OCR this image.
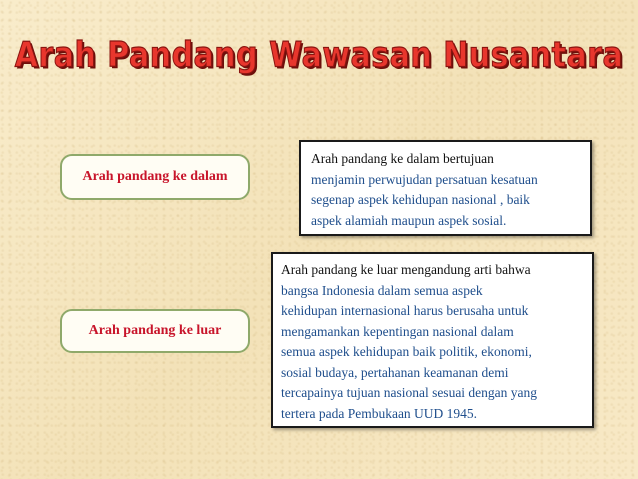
Arah Pandang Wawasan Nusantara
Arah pandang ke dalam
Arah pandang ke luar
Arah pandang ke dalam bertujuan
menjamin perwujudan persatuan kesatuan
segenap aspek kehidupan nasional , baik
aspek alamiah maupun aspek sosial.
Arah pandang ke luar mengandung arti bahwa
bangsa Indonesia dalam semua aspek
kehidupan internasional harus berusaha untuk
mengamankan kepentingan nasional dalam
semua aspek kehidupan baik politik, ekonomi,
sosial budaya, pertahanan keamanan demi
tercapainya tujuan nasional sesuai dengan yang
tertera pada Pembukaan UUD 1945.
